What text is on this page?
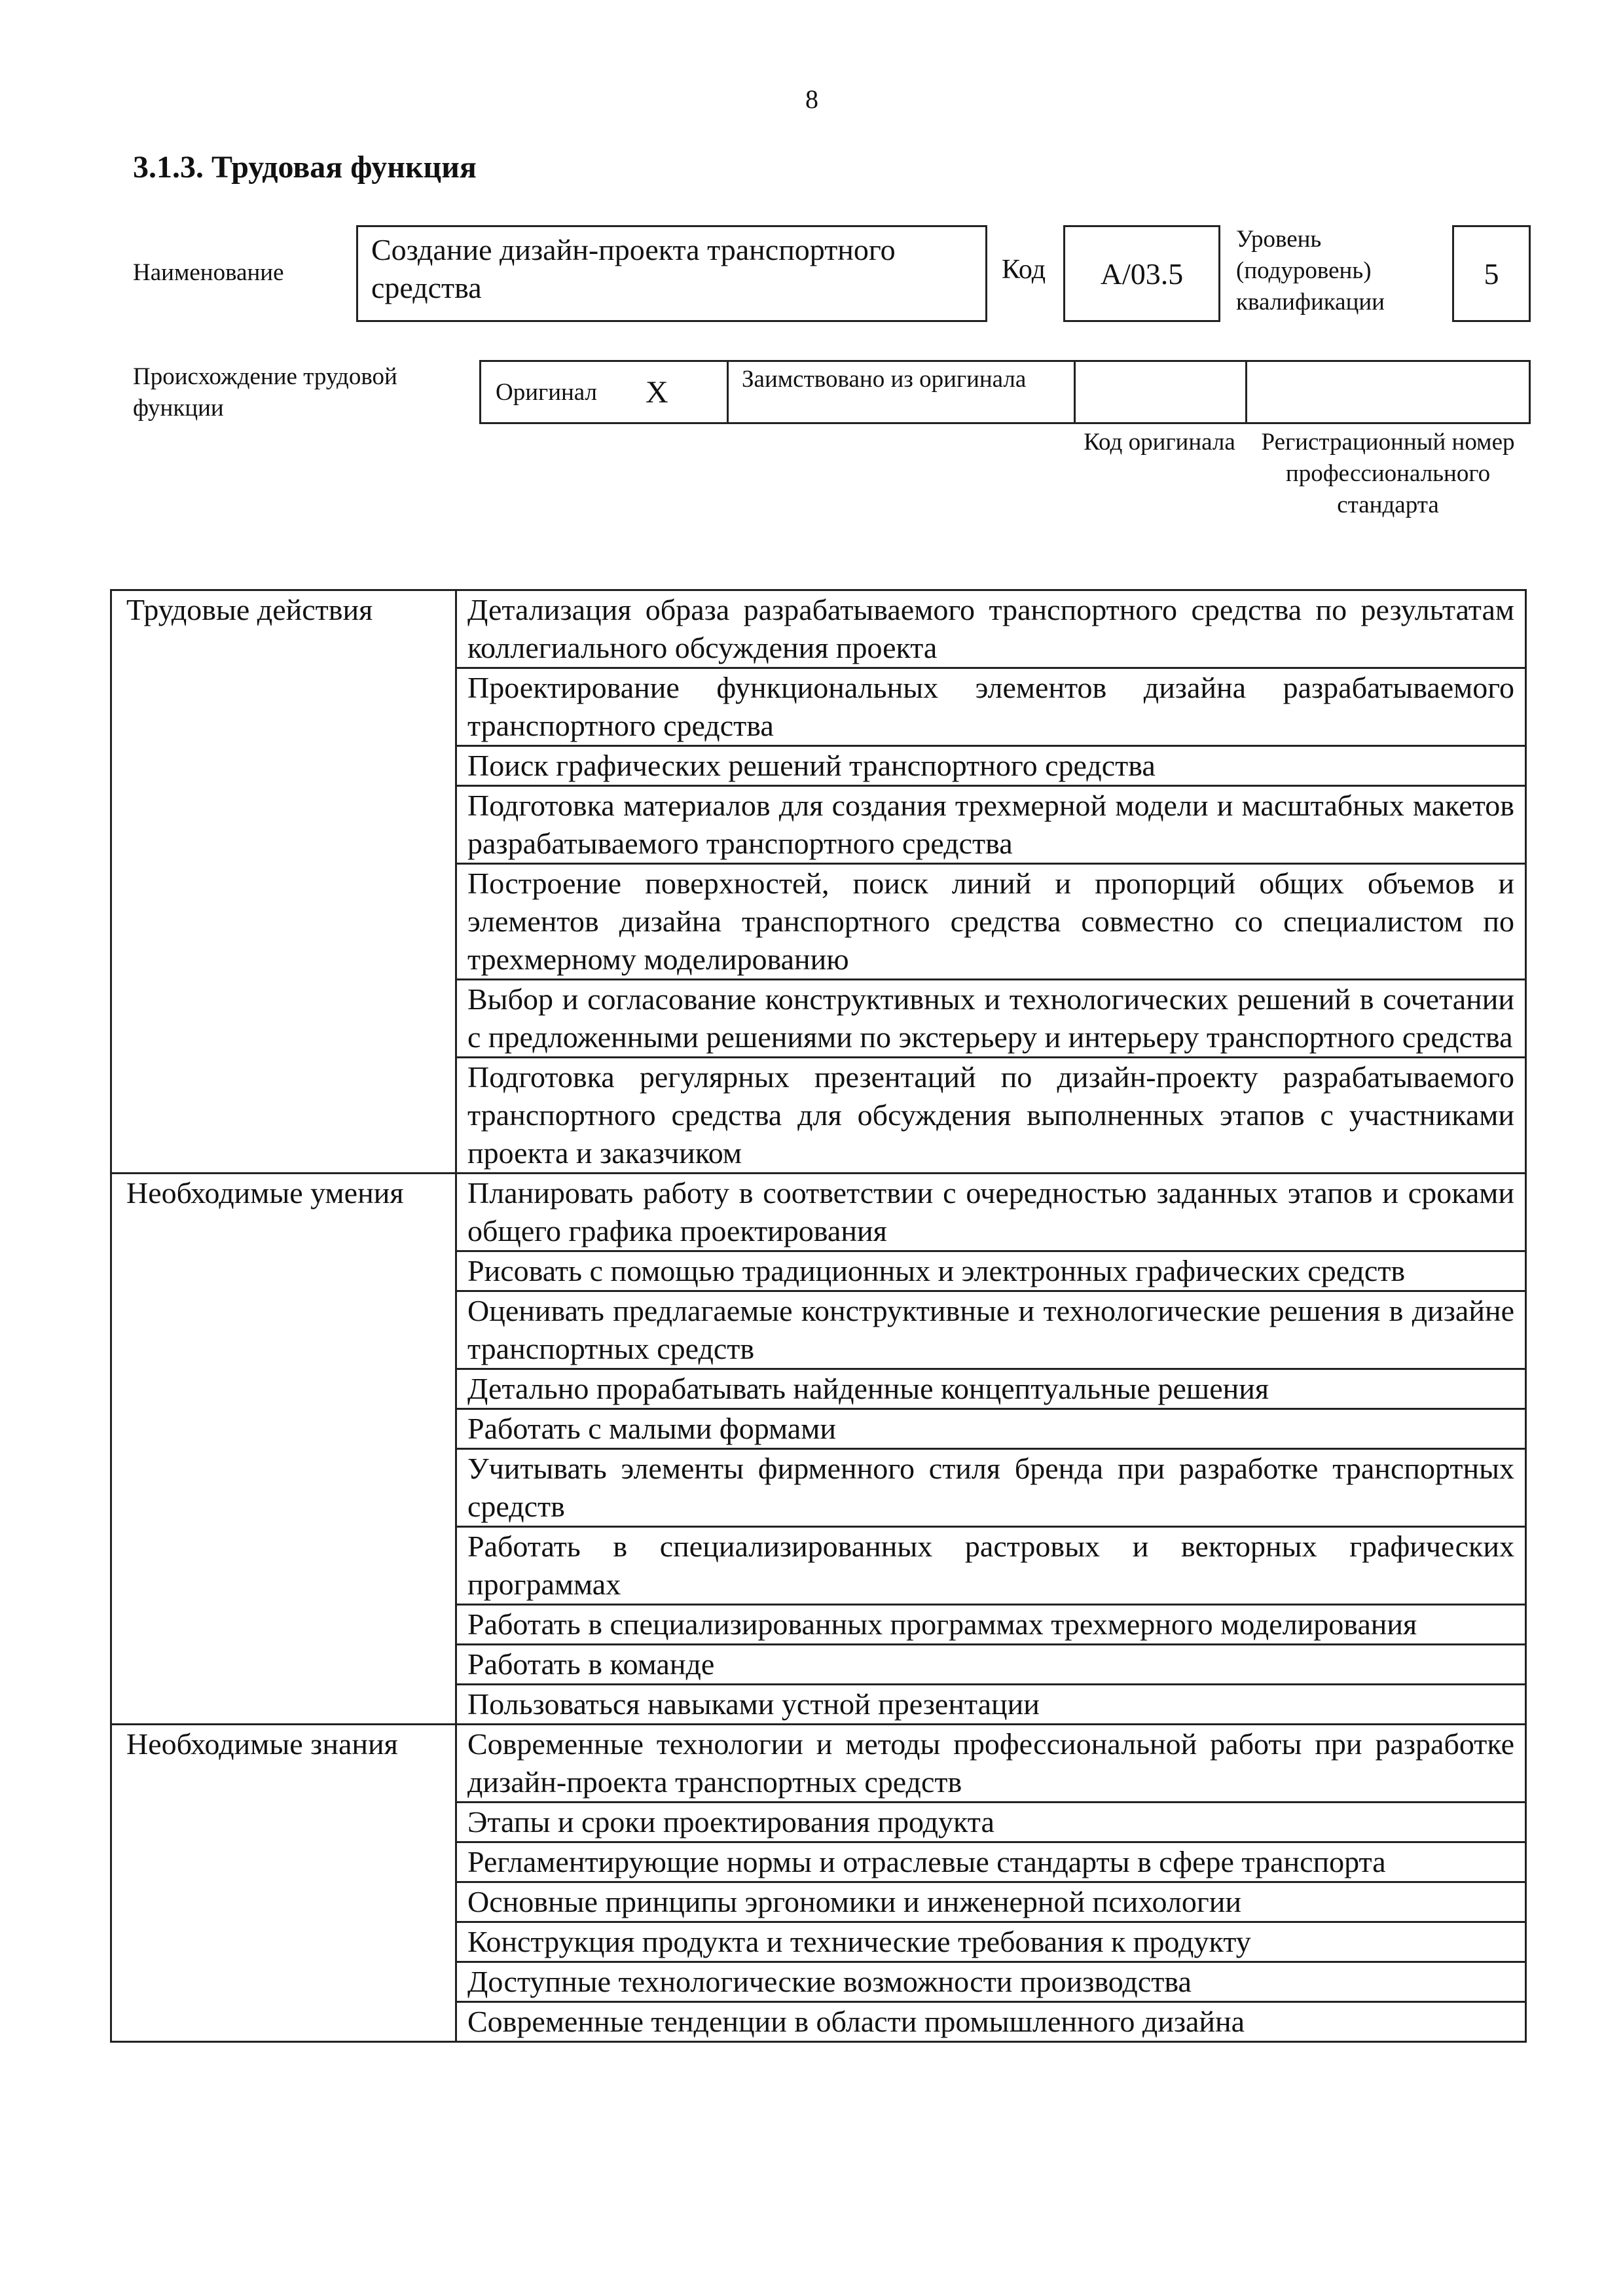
8
3.1.3. Трудовая функция
Наименование
Создание дизайн-проекта транспортного средства
Код	A/03.5
Уровень
(подуровень)
квалификации
5
Происхождение трудовой функции
Оригинал X	Заимствовано из оригинала
Код оригинала	Регистрационный номер профессионального стандарта
Трудовые действия	Детализация образа разрабатываемого транспортного средства по результатам коллегиального обсуждения проекта
	Проектирование функциональных элементов дизайна разрабатываемого транспортного средства
	Поиск графических решений транспортного средства
	Подготовка материалов для создания трехмерной модели и масштабных макетов разрабатываемого транспортного средства
	Построение поверхностей, поиск линий и пропорций общих объемов и элементов дизайна транспортного средства совместно со специалистом по трехмерному моделированию
	Выбор и согласование конструктивных и технологических решений в сочетании с предложенными решениями по экстерьеру и интерьеру транспортного средства
	Подготовка регулярных презентаций по дизайн-проекту разрабатываемого транспортного средства для обсуждения выполненных этапов с участниками проекта и заказчиком
Необходимые умения	Планировать работу в соответствии с очередностью заданных этапов и сроками общего графика проектирования
	Рисовать с помощью традиционных и электронных графических средств
	Оценивать предлагаемые конструктивные и технологические решения в дизайне транспортных средств
	Детально прорабатывать найденные концептуальные решения
	Работать с малыми формами
	Учитывать элементы фирменного стиля бренда при разработке транспортных средств
	Работать в специализированных растровых и векторных графических программах
	Работать в специализированных программах трехмерного моделирования
	Работать в команде
	Пользоваться навыками устной презентации
Необходимые знания	Современные технологии и методы профессиональной работы при разработке дизайн-проекта транспортных средств
	Этапы и сроки проектирования продукта
	Регламентирующие нормы и отраслевые стандарты в сфере транспорта
	Основные принципы эргономики и инженерной психологии
	Конструкция продукта и технические требования к продукту
	Доступные технологические возможности производства
	Современные тенденции в области промышленного дизайна
